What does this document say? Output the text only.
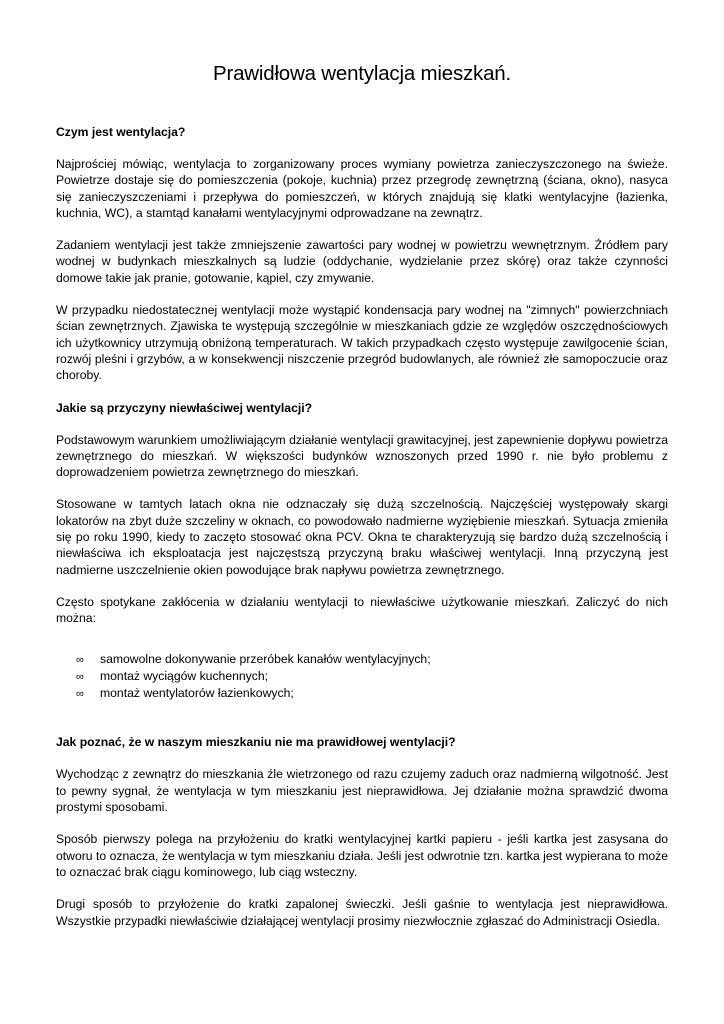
Prawidłowa wentylacja mieszkań.
Czym jest wentylacja?

Najprościej mówiąc, wentylacja to zorganizowany proces wymiany powietrza zanieczyszczonego na świeże. Powietrze dostaje się do pomieszczenia (pokoje, kuchnia) przez przegrodę zewnętrzną (ściana, okno), nasyca się zanieczyszczeniami i przepływa do pomieszczeń, w których znajdują się klatki wentylacyjne (łazienka, kuchnia, WC), a stamtąd kanałami wentylacyjnymi odprowadzane na zewnątrz.

Zadaniem wentylacji jest także zmniejszenie zawartości pary wodnej w powietrzu wewnętrznym. Źródłem pary wodnej w budynkach mieszkalnych są ludzie (oddychanie, wydzielanie przez skórę) oraz także czynności domowe takie jak pranie, gotowanie, kąpiel, czy zmywanie.

W przypadku niedostatecznej wentylacji może wystąpić kondensacja pary wodnej na "zimnych" powierzchniach ścian zewnętrznych. Zjawiska te występują szczególnie w mieszkaniach gdzie ze względów oszczędnościowych ich użytkownicy utrzymują obniżoną temperaturach. W takich przypadkach często występuje zawilgocenie ścian, rozwój pleśni i grzybów, a w konsekwencji niszczenie przegród budowlanych, ale również złe samopoczucie oraz choroby.

Jakie są przyczyny niewłaściwej wentylacji?

Podstawowym warunkiem umożliwiającym działanie wentylacji grawitacyjnej, jest zapewnienie dopływu powietrza zewnętrznego do mieszkań. W większości budynków wznoszonych przed 1990 r. nie było problemu z doprowadzeniem powietrza zewnętrznego do mieszkań.

Stosowane w tamtych latach okna nie odznaczały się dużą szczelnością. Najczęściej występowały skargi lokatorów na zbyt duże szczeliny w oknach, co powodowało nadmierne wyziębienie mieszkań. Sytuacja zmieniła się po roku 1990, kiedy to zaczęto stosować okna PCV. Okna te charakteryzują się bardzo dużą szczelnością i niewłaściwa ich eksploatacja jest najczęstszą przyczyną braku właściwej wentylacji. Inną przyczyną jest nadmierne uszczelnienie okien powodujące brak napływu powietrza zewnętrznego.

Często spotykane zakłócenia w działaniu wentylacji to niewłaściwe użytkowanie mieszkań. Zaliczyć do nich można:

∞	samowolne dokonywanie przeróbek kanałów wentylacyjnych;
∞	montaż wyciągów kuchennych;
∞	montaż wentylatorów łazienkowych;
Jak poznać, że w naszym mieszkaniu nie ma prawidłowej wentylacji?

Wychodząc z zewnątrz do mieszkania źle wietrzonego od razu czujemy zaduch oraz nadmierną wilgotność. Jest to pewny sygnał, że wentylacja w tym mieszkaniu jest nieprawidłowa. Jej działanie można sprawdzić dwoma prostymi sposobami.

Sposób pierwszy polega na przyłożeniu do kratki wentylacyjnej kartki papieru - jeśli kartka jest zasysana do otworu to oznacza, że wentylacja w tym mieszkaniu działa. Jeśli jest odwrotnie tzn. kartka jest wypierana to może to oznaczać brak ciągu kominowego, lub ciąg wsteczny.

Drugi sposób to przyłożenie do kratki zapalonej świeczki. Jeśli gaśnie to wentylacja jest nieprawidłowa. Wszystkie przypadki niewłaściwie działającej wentylacji prosimy niezwłocznie zgłaszać do Administracji Osiedla.
